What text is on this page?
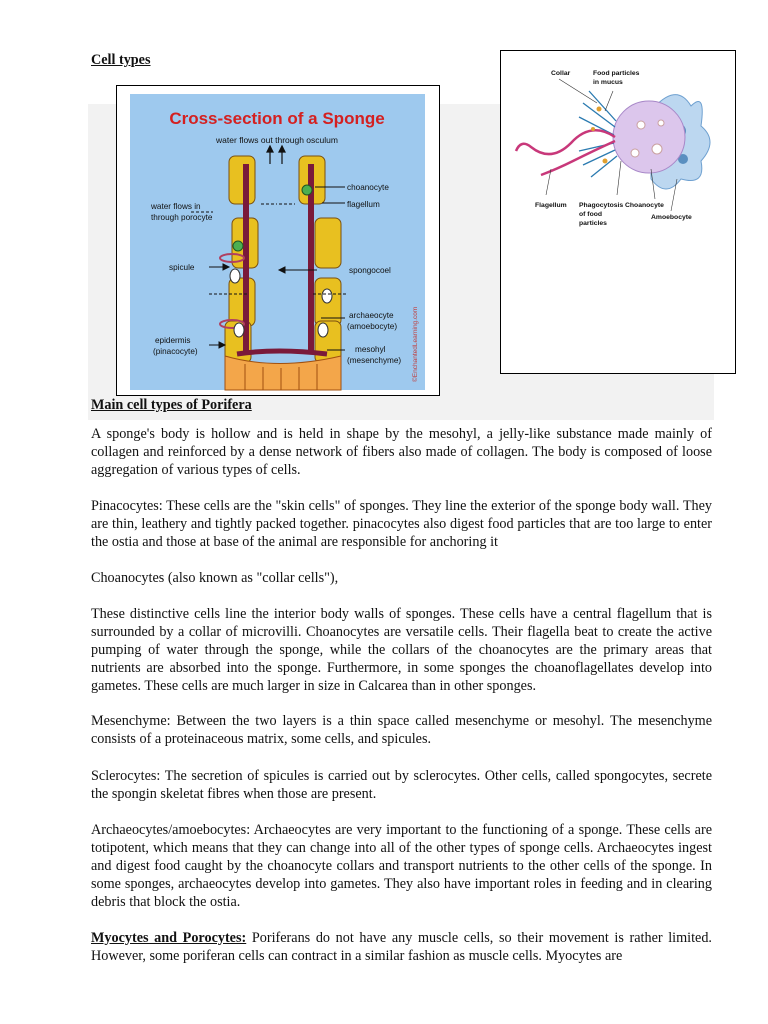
Cell types
Cross-section of a Sponge
water flows out through osculum
choanocyte
flagellum
water flows in
through porocyte
spicule	spongocoel
archaeocyte
(amoebocyte)
epidermis
(pinacocyte)	mesohyl
(mesenchyme) ©EnchantedLearning.com
Collar	Food particles
in mucus
Flagellum Phagocytosis
of food
particles
Choanocyte
Amoebocyte
Main cell types of Porifera

A sponge's body is hollow and is held in shape by the mesohyl, a jelly-like substance made mainly of collagen and reinforced by a dense network of fibers also made of collagen. The body is composed of loose aggregation of various types of cells.

Pinacocytes: These cells are the "skin cells" of sponges. They line the exterior of the sponge body wall. They are thin, leathery and tightly packed together. pinacocytes also digest food particles that are too large to enter the ostia and those at base of the animal are responsible for anchoring it

Choanocytes (also known as "collar cells"),

These distinctive cells line the interior body walls of sponges. These cells have a central flagellum that is surrounded by a collar of microvilli. Choanocytes are versatile cells. Their flagella beat to create the active pumping of water through the sponge, while the collars of the choanocytes are the primary areas that nutrients are absorbed into the sponge. Furthermore, in some sponges the choanoflagellates develop into gametes. These cells are much larger in size in Calcarea than in other sponges.

Mesenchyme: Between the two layers is a thin space called mesenchyme or mesohyl. The mesenchyme consists of a proteinaceous matrix, some cells, and spicules.

Sclerocytes: The secretion of spicules is carried out by sclerocytes. Other cells, called spongocytes, secrete the spongin skeletat fibres when those are present.

Archaeocytes/amoebocytes: Archaeocytes are very important to the functioning of a sponge. These cells are totipotent, which means that they can change into all of the other types of sponge cells. Archaeocytes ingest and digest food caught by the choanocyte collars and transport nutrients to the other cells of the sponge. In some sponges, archaeocytes develop into gametes. They also have important roles in feeding and in clearing debris that block the ostia.

Myocytes and Porocytes: Poriferans do not have any muscle cells, so their movement is rather limited. However, some poriferan cells can contract in a similar fashion as muscle cells. Myocytes are
